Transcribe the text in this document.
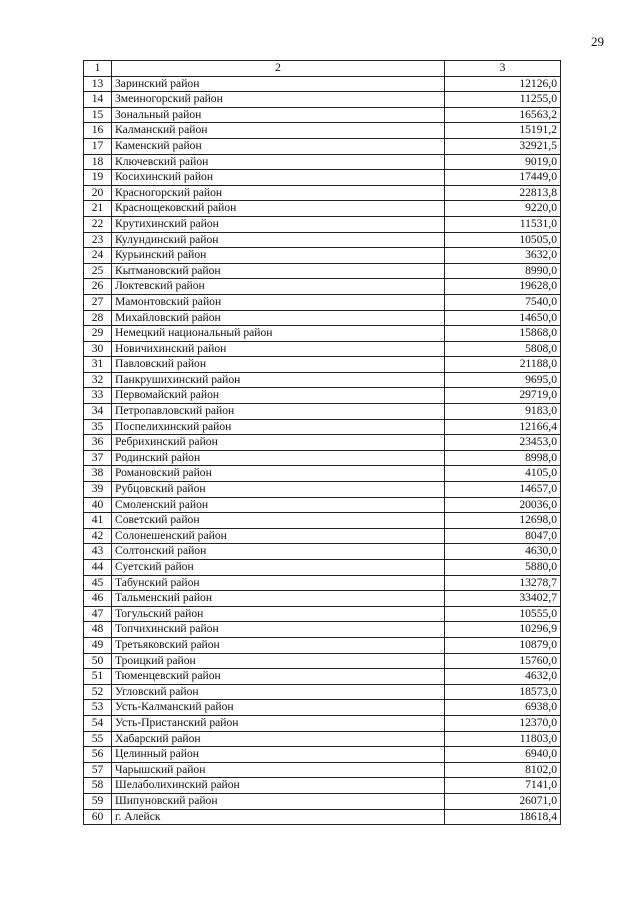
29
1	2	3
13	Заринский район	12126,0
14	Змеиногорский район	11255,0
15	Зональный район	16563,2
16	Калманский район	15191,2
17	Каменский район	32921,5
18	Ключевский район	9019,0
19	Косихинский район	17449,0
20	Красногорский район	22813,8
21	Краснощековский район	9220,0
22	Крутихинский район	11531,0
23	Кулундинский район	10505,0
24	Курьинский район	3632,0
25	Кытмановский район	8990,0
26	Локтевский район	19628,0
27	Мамонтовский район	7540,0
28	Михайловский район	14650,0
29	Немецкий национальный район	15868,0
30	Новичихинский район	5808,0
31	Павловский район	21188,0
32	Панкрушихинский район	9695,0
33	Первомайский район	29719,0
34	Петропавловский район	9183,0
35	Поспелихинский район	12166,4
36	Ребрихинский район	23453,0
37	Родинский район	8998,0
38	Романовский район	4105,0
39	Рубцовский район	14657,0
40	Смоленский район	20036,0
41	Советский район	12698,0
42	Солонешенский район	8047,0
43	Солтонский район	4630,0
44	Суетский район	5880,0
45	Табунский район	13278,7
46	Тальменский район	33402,7
47	Тогульский район	10555,0
48	Топчихинский район	10296,9
49	Третьяковский район	10879,0
50	Троицкий район	15760,0
51	Тюменцевский район	4632,0
52	Угловский район	18573,0
53	Усть-Калманский район	6938,0
54	Усть-Пристанский район	12370,0
55	Хабарский район	11803,0
56	Целинный район	6940,0
57	Чарышский район	8102,0
58	Шелаболихинский район	7141,0
59	Шипуновский район	26071,0
60	г. Алейск	18618,4
